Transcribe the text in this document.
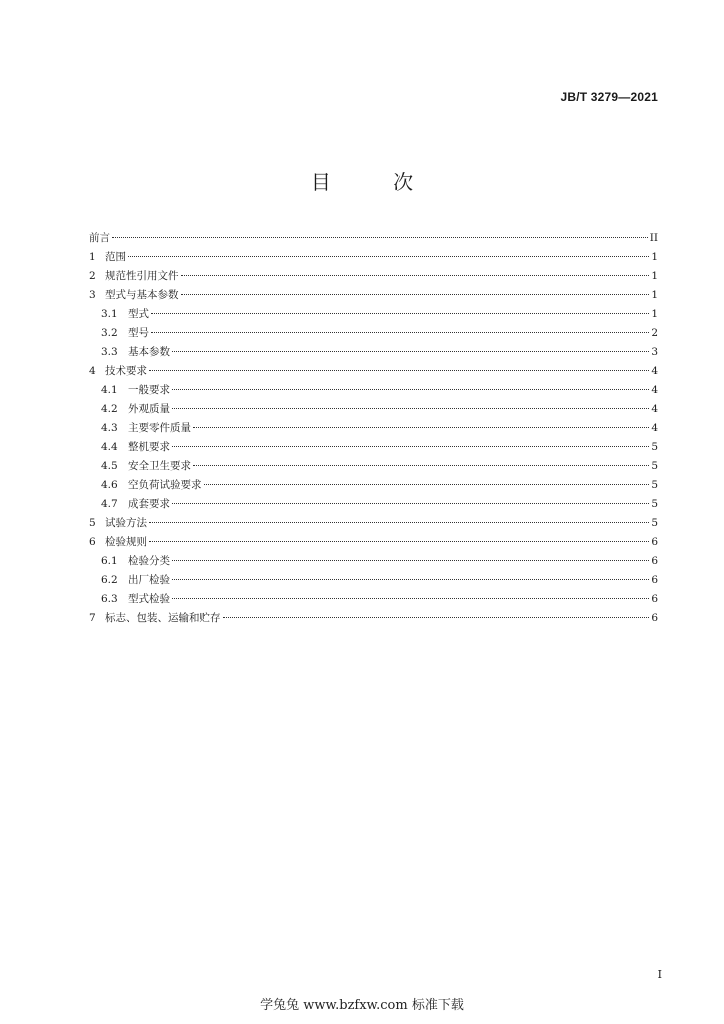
JB/T 3279—2021
目 次
前言	II
1 范围	1
2 规范性引用文件	1
3 型式与基本参数	1
3.1 型式	1
3.2 型号	2
3.3 基本参数	3
4 技术要求	4
4.1 一般要求	4
4.2 外观质量	4
4.3 主要零件质量	4
4.4 整机要求	5
4.5 安全卫生要求	5
4.6 空负荷试验要求	5
4.7 成套要求	5
5 试验方法	5
6 检验规则	6
6.1 检验分类	6
6.2 出厂检验	6
6.3 型式检验	6
7 标志、包装、运输和贮存	6
I
学兔兔 www.bzfxw.com 标准下载
